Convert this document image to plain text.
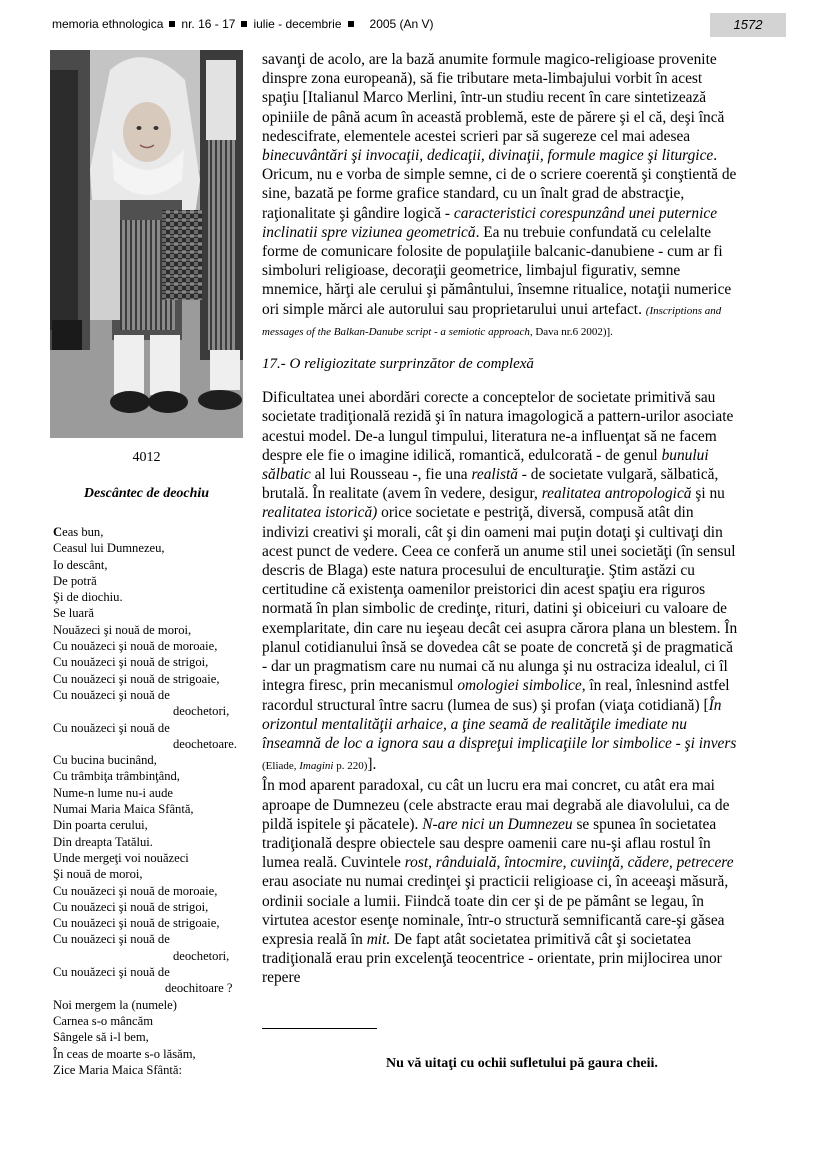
memoria ethnologica nr. 16 - 17 iulie - decembrie 2005 (An V)	1572
4012
Descântec de deochiu
Ceas bun,
Ceasul lui Dumnezeu,
Io descânt,
De potră
Şi de diochiu.
Se luară
Nouăzeci şi nouă de moroi,
Cu nouăzeci şi nouă de moroaie,
Cu nouăzeci şi nouă de strigoi,
Cu nouăzeci şi nouă de strigoaie,
Cu nouăzeci şi nouă de
deochetori,
Cu nouăzeci şi nouă de
deochetoare.
Cu bucina bucinând,
Cu trâmbiţa trâmbinţând,
Nume-n lume nu-i aude
Numai Maria Maica Sfântă,
Din poarta cerului,
Din dreapta Tatălui.
Unde mergeţi voi nouăzeci
Şi nouă de moroi,
Cu nouăzeci şi nouă de moroaie,
Cu nouăzeci şi nouă de strigoi,
Cu nouăzeci şi nouă de strigoaie,
Cu nouăzeci şi nouă de
deochetori,
Cu nouăzeci şi nouă de
deochitoare ?
Noi mergem la (numele)
Carnea s-o mâncăm
Sângele să i-l bem,
În ceas de moarte s-o lăsăm,
Zice Maria Maica Sfântă:

savanţi de acolo, are la bază anumite formule magico-religioase provenite dinspre zona europeană), să fie tributare meta-limbajului vorbit în acest spaţiu [Italianul Marco Merlini, într-un studiu recent în care sintetizează opiniile de până acum în această problemă, este de părere şi el că, deşi încă nedescifrate, elementele acestei scrieri par să sugereze cel mai adesea binecuvântări şi invocaţii, dedicaţii, divinaţii, formule magice şi liturgice. Oricum, nu e vorba de simple semne, ci de o scriere coerentă şi conştientă de sine, bazată pe forme grafice standard, cu un înalt grad de abstracţie, raţionalitate şi gândire logică - caracteristici corespunzând unei puternice inclinatii spre viziunea geometrică. Ea nu trebuie confundată cu celelalte forme de comunicare folosite de populaţiile balcanic-danubiene - cum ar fi simboluri religioase, decoraţii geometrice, limbajul figurativ, semne mnemice, hărţi ale cerului şi pământului, însemne ritualice, notaţii numerice ori simple mărci ale autorului sau proprietarului unui artefact. (Inscriptions and messages of the Balkan-Danube script - a semiotic approach, Dava nr.6 2002)].

17.- O religiozitate surprinzător de complexă

Dificultatea unei abordări corecte a conceptelor de societate primitivă sau societate tradiţională rezidă şi în natura imagologică a pattern-urilor asociate acestui model. De-a lungul timpului, literatura ne-a influenţat să ne facem despre ele fie o imagine idilică, romantică, edulcorată - de genul bunului sălbatic al lui Rousseau -, fie una realistă - de societate vulgară, sălbatică, brutală. În realitate (avem în vedere, desigur, realitatea antropologică şi nu realitatea istorică) orice societate e pestriţă, diversă, compusă atât din indivizi creativi şi morali, cât şi din oameni mai puţin dotaţi şi cultivaţi din acest punct de vedere. Ceea ce conferă un anume stil unei societăţi (în sensul descris de Blaga) este natura procesului de enculturaţie. Ştim astăzi cu certitudine că existenţa oamenilor preistorici din acest spaţiu era riguros normată în plan simbolic de credinţe, rituri, datini şi obiceiuri cu valoare de exemplaritate, din care nu ieşeau decât cei asupra cărora plana un blestem. În planul cotidianului însă se dovedea cât se poate de concretă şi de pragmatică - dar un pragmatism care nu numai că nu alunga şi nu ostraciza idealul, ci îl integra firesc, prin mecanismul omologiei simbolice, în real, înlesnind astfel racordul structural între sacru (lumea de sus) şi profan (viaţa cotidiană) [În orizontul mentalităţii arhaice, a ţine seamă de realităţile imediate nu înseamnă de loc a ignora sau a dispreţui implicaţiile lor simbolice - şi invers (Eliade, Imagini p. 220)].

În mod aparent paradoxal, cu cât un lucru era mai concret, cu atât era mai aproape de Dumnezeu (cele abstracte erau mai degrabă ale diavolului, ca de pildă ispitele şi păcatele). N-are nici un Dumnezeu se spunea în societatea tradiţională despre obiectele sau despre oamenii care nu-şi aflau rostul în lumea reală. Cuvintele rost, rânduială, întocmire, cuviinţă, cădere, petrecere erau asociate nu numai credinţei şi practicii religioase ci, în aceeaşi măsură, ordinii sociale a lumii. Fiindcă toate din cer şi de pe pământ se legau, în virtutea acestor esenţe nominale, într-o structură semnificantă care-şi găsea expresia reală în mit. De fapt atât societatea primitivă cât şi societatea tradiţională erau prin excelenţă teocentrice - orientate, prin mijlocirea unor repere

Nu vă uitaţi cu ochii sufletului pă gaura cheii.
